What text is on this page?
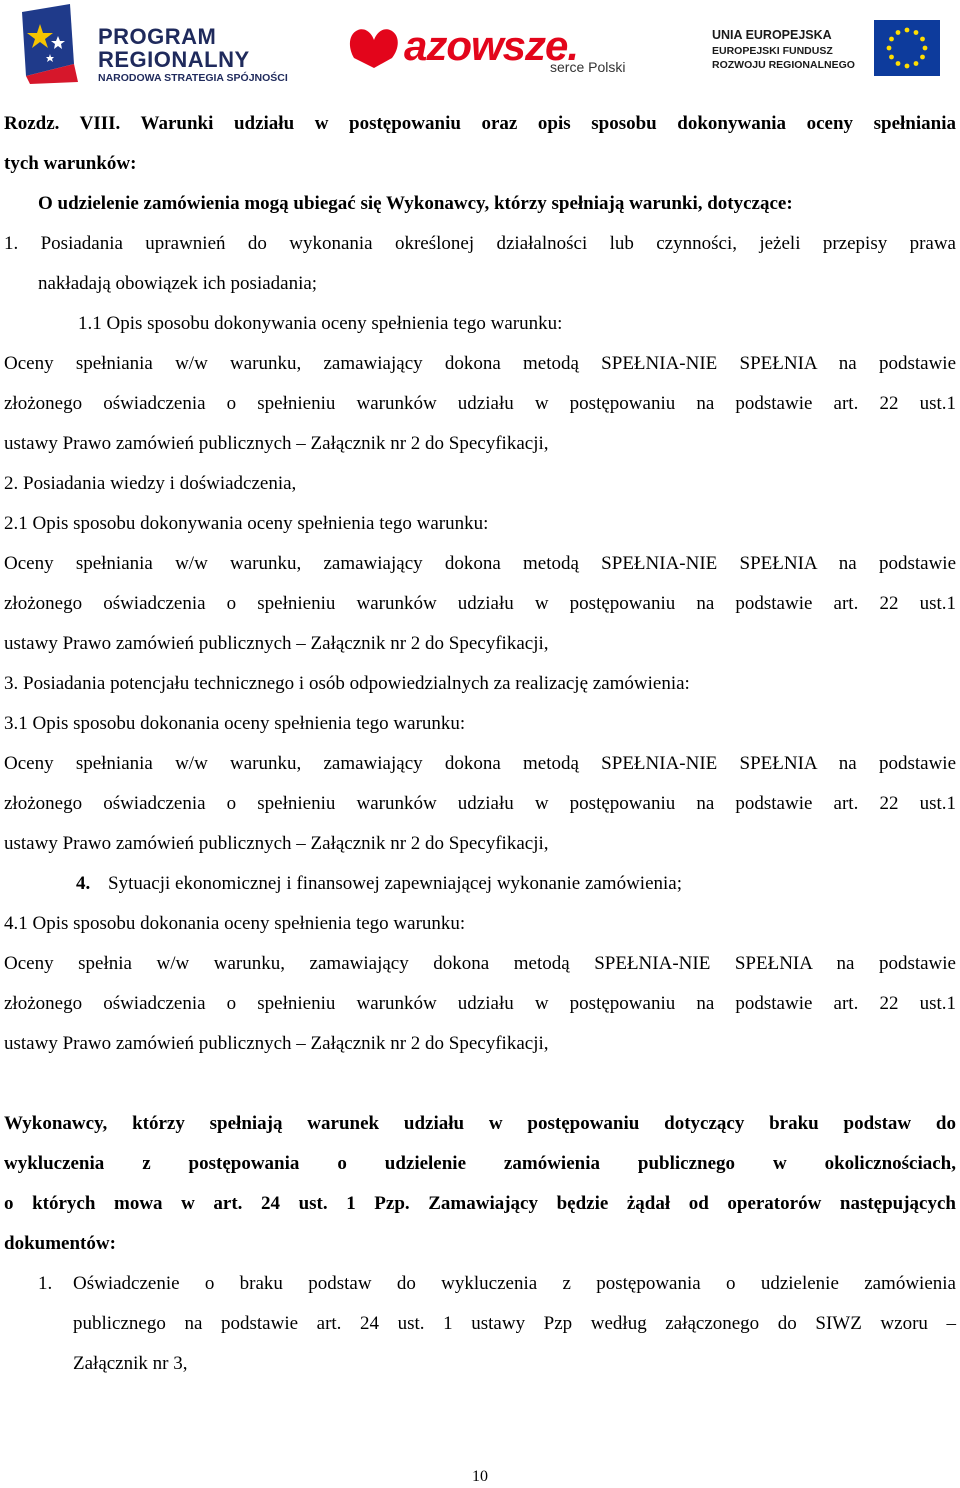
PROGRAM
REGIONALNY
NARODOWA STRATEGIA SPÓJNOŚCI
azowsze.
serce Polski
UNIA EUROPEJSKA
EUROPEJSKI FUNDUSZ
ROZWOJU REGIONALNEGO
Rozdz. VIII. Warunki udziału w postępowaniu oraz opis sposobu dokonywania oceny spełniania
tych warunków:
O udzielenie zamówienia mogą ubiegać się Wykonawcy, którzy spełniają warunki, dotyczące:
1. Posiadania uprawnień do wykonania określonej działalności lub czynności, jeżeli przepisy prawa
nakładają obowiązek ich posiadania;
1.1 Opis sposobu dokonywania oceny spełnienia tego warunku:
Oceny spełniania w/w warunku, zamawiający dokona metodą SPEŁNIA-NIE SPEŁNIA na podstawie
złożonego oświadczenia o spełnieniu warunków udziału w postępowaniu na podstawie art. 22 ust.1
ustawy Prawo zamówień publicznych – Załącznik nr 2 do Specyfikacji,
2. Posiadania wiedzy i doświadczenia,
2.1 Opis sposobu dokonywania oceny spełnienia tego warunku:
Oceny spełniania w/w warunku, zamawiający dokona metodą SPEŁNIA-NIE SPEŁNIA na podstawie
złożonego oświadczenia o spełnieniu warunków udziału w postępowaniu na podstawie art. 22 ust.1
ustawy Prawo zamówień publicznych – Załącznik nr 2 do Specyfikacji,
3. Posiadania potencjału technicznego i osób odpowiedzialnych za realizację zamówienia:
3.1 Opis sposobu dokonania oceny spełnienia tego warunku:
Oceny spełniania w/w warunku, zamawiający dokona metodą SPEŁNIA-NIE SPEŁNIA na podstawie
złożonego oświadczenia o spełnieniu warunków udziału w postępowaniu na podstawie art. 22 ust.1
ustawy Prawo zamówień publicznych – Załącznik nr 2 do Specyfikacji,
4. Sytuacji ekonomicznej i finansowej zapewniającej wykonanie zamówienia;
4.1 Opis sposobu dokonania oceny spełnienia tego warunku:
Oceny spełnia w/w warunku, zamawiający dokona metodą SPEŁNIA-NIE SPEŁNIA na podstawie
złożonego oświadczenia o spełnieniu warunków udziału w postępowaniu na podstawie art. 22 ust.1
ustawy Prawo zamówień publicznych – Załącznik nr 2 do Specyfikacji,
Wykonawcy, którzy spełniają warunek udziału w postępowaniu dotyczący braku podstaw do
wykluczenia z postępowania o udzielenie zamówienia publicznego w okolicznościach,
o których mowa w art. 24 ust. 1 Pzp. Zamawiający będzie żądał od operatorów następujących
dokumentów:
1. Oświadczenie o braku podstaw do wykluczenia z postępowania o udzielenie zamówienia
publicznego na podstawie art. 24 ust. 1 ustawy Pzp według załączonego do SIWZ wzoru –
Załącznik nr 3,
10
